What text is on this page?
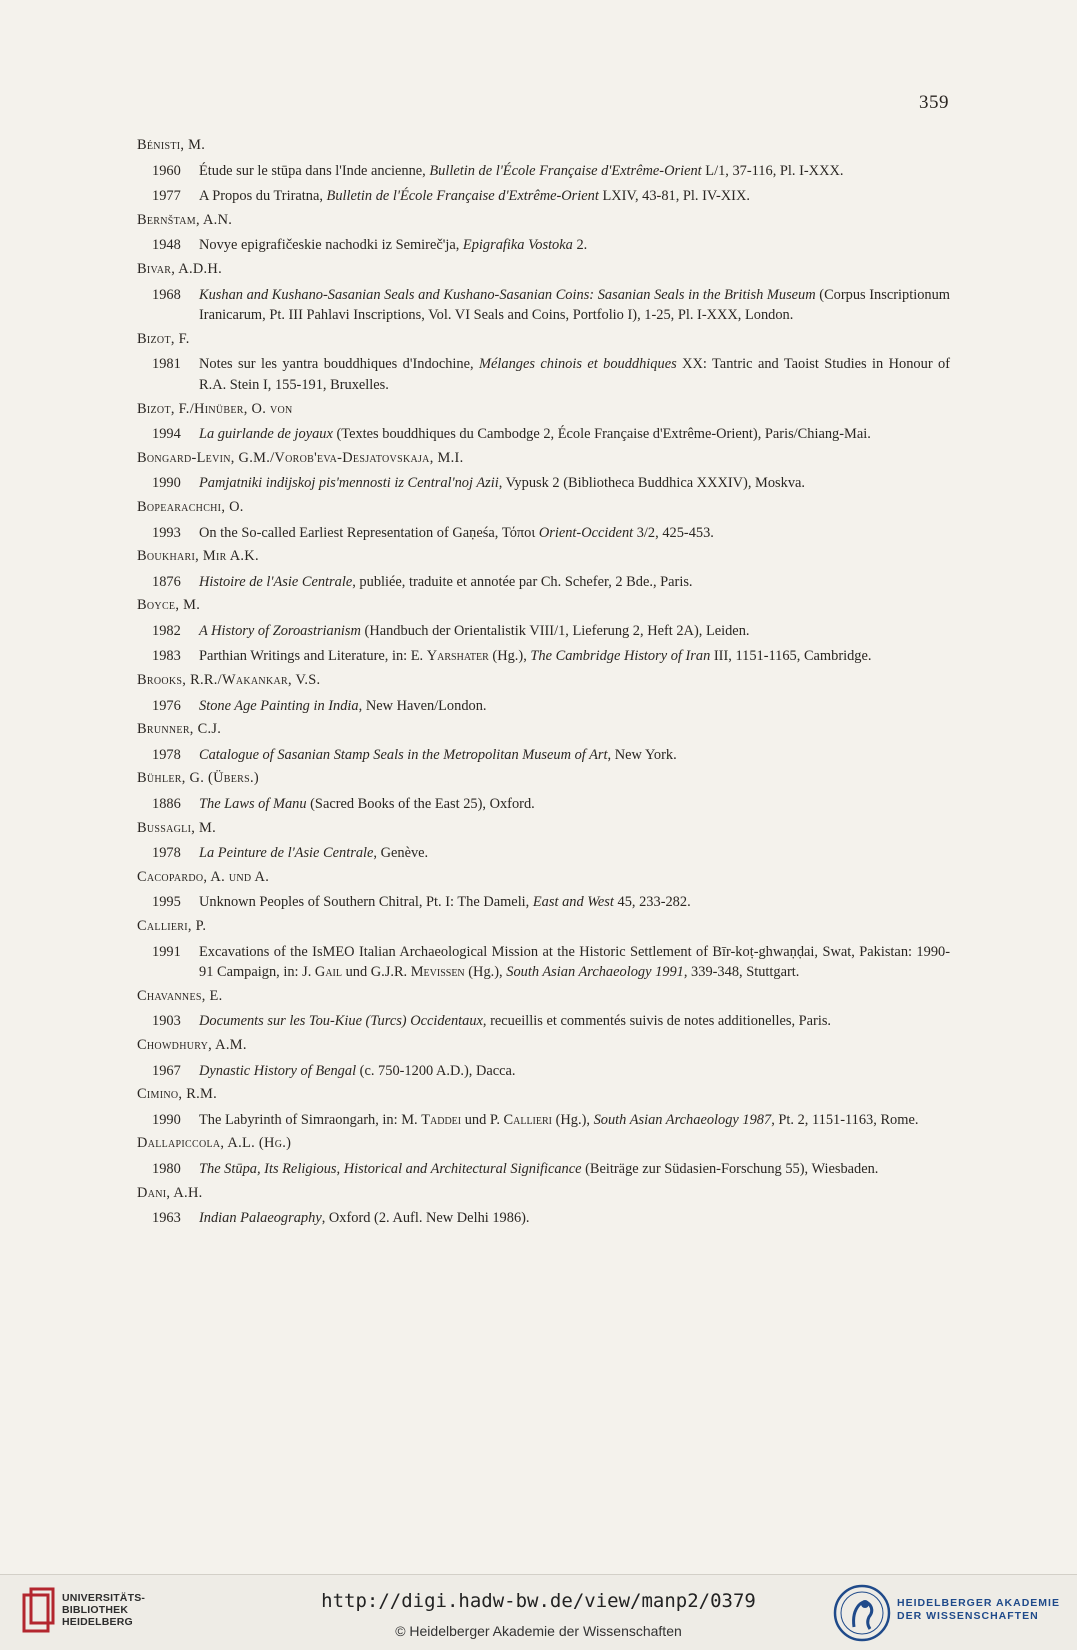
359
Bénisti, M.
1960	Étude sur le stūpa dans l'Inde ancienne, Bulletin de l'École Française d'Extrême-Orient L/1, 37-116, Pl. I-XXX.
1977	A Propos du Triratna, Bulletin de l'École Française d'Extrême-Orient LXIV, 43-81, Pl. IV-XIX.
Bernštam, A.N.
1948	Novye epigrafičeskie nachodki iz Semireč'ja, Epigrafika Vostoka 2.
Bivar, A.D.H.
1968	Kushan and Kushano-Sasanian Seals and Kushano-Sasanian Coins: Sasanian Seals in the British Museum (Corpus Inscriptionum Iranicarum, Pt. III Pahlavi Inscriptions, Vol. VI Seals and Coins, Portfolio I), 1-25, Pl. I-XXX, London.
Bizot, F.
1981	Notes sur les yantra bouddhiques d'Indochine, Mélanges chinois et bouddhiques XX: Tantric and Taoist Studies in Honour of R.A. Stein I, 155-191, Bruxelles.
Bizot, F./Hinüber, O. von
1994	La guirlande de joyaux (Textes bouddhiques du Cambodge 2, École Française d'Extrême-Orient), Paris/Chiang-Mai.
Bongard-Levin, G.M./Vorob'eva-Desjatovskaja, M.I.
1990	Pamjatniki indijskoj pis'mennosti iz Central'noj Azii, Vypusk 2 (Bibliotheca Buddhica XXXIV), Moskva.
Bopearachchi, O.
1993	On the So-called Earliest Representation of Gaṇeśa, Τόποι Orient-Occident 3/2, 425-453.
Boukhari, Mir A.K.
1876	Histoire de l'Asie Centrale, publiée, traduite et annotée par Ch. Schefer, 2 Bde., Paris.
Boyce, M.
1982	A History of Zoroastrianism (Handbuch der Orientalistik VIII/1, Lieferung 2, Heft 2A), Leiden.
1983	Parthian Writings and Literature, in: E. Yarshater (Hg.), The Cambridge History of Iran III, 1151-1165, Cambridge.
Brooks, R.R./Wakankar, V.S.
1976	Stone Age Painting in India, New Haven/London.
Brunner, C.J.
1978	Catalogue of Sasanian Stamp Seals in the Metropolitan Museum of Art, New York.
Bühler, G. (Übers.)
1886	The Laws of Manu (Sacred Books of the East 25), Oxford.
Bussagli, M.
1978	La Peinture de l'Asie Centrale, Genève.
Cacopardo, A. und A.
1995	Unknown Peoples of Southern Chitral, Pt. I: The Dameli, East and West 45, 233-282.
Callieri, P.
1991	Excavations of the IsMEO Italian Archaeological Mission at the Historic Settlement of Bīr-koṭ-ghwaṇḍai, Swat, Pakistan: 1990-91 Campaign, in: J. Gail und G.J.R. Mevissen (Hg.), South Asian Archaeology 1991, 339-348, Stuttgart.
Chavannes, E.
1903	Documents sur les Tou-Kiue (Turcs) Occidentaux, recueillis et commentés suivis de notes additionelles, Paris.
Chowdhury, A.M.
1967	Dynastic History of Bengal (c. 750-1200 A.D.), Dacca.
Cimino, R.M.
1990	The Labyrinth of Simraongarh, in: M. Taddei und P. Callieri (Hg.), South Asian Archaeology 1987, Pt. 2, 1151-1163, Rome.
Dallapiccola, A.L. (Hg.)
1980	The Stūpa, Its Religious, Historical and Architectural Significance (Beiträge zur Südasien-Forschung 55), Wiesbaden.
Dani, A.H.
1963	Indian Palaeography, Oxford (2. Aufl. New Delhi 1986).
UNIVERSITÄTS-
BIBLIOTHEK
HEIDELBERG
http://digi.hadw-bw.de/view/manp2/0379
© Heidelberger Akademie der Wissenschaften
HEIDELBERGER AKADEMIE
DER WISSENSCHAFTEN
